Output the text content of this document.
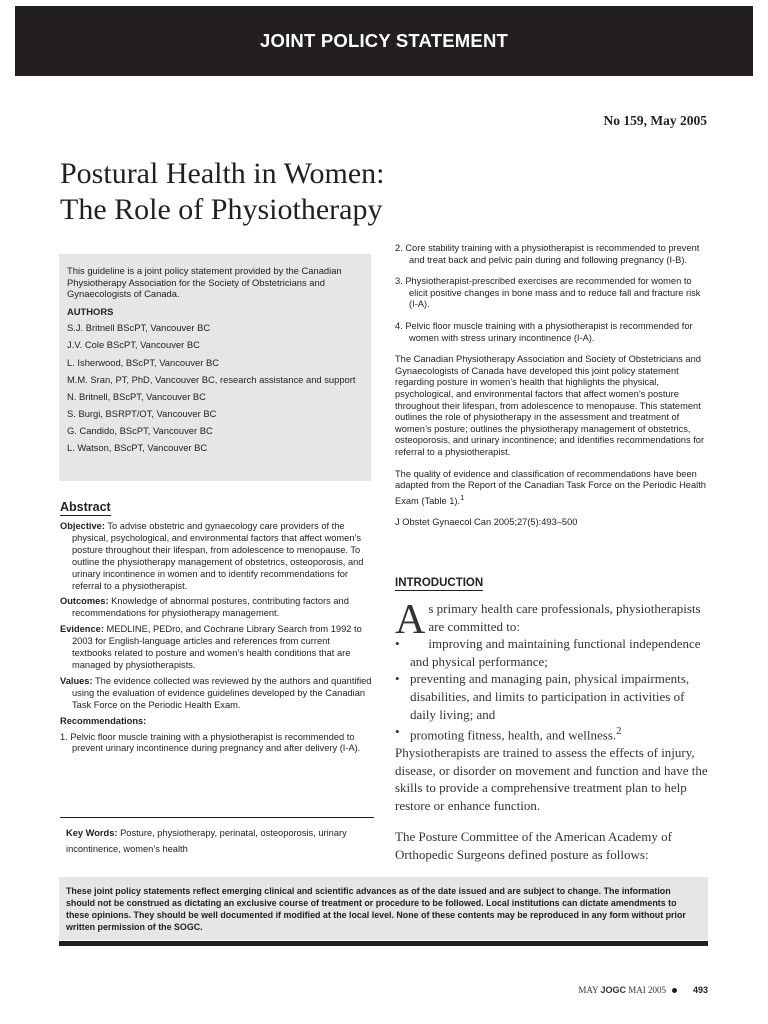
JOINT POLICY STATEMENT
No 159, May 2005
Postural Health in Women:
The Role of Physiotherapy

This guideline is a joint policy statement provided by the Canadian Physiotherapy Association for the Society of Obstetricians and Gynaecologists of Canada.

AUTHORS

S.J. Britnell BScPT, Vancouver BC

J.V. Cole BScPT, Vancouver BC

L. Isherwood, BScPT, Vancouver BC

M.M. Sran, PT, PhD, Vancouver BC, research assistance and support

N. Britnell, BScPT, Vancouver BC

S. Burgi, BSRPT/OT, Vancouver BC

G. Candido, BScPT, Vancouver BC

L. Watson, BScPT, Vancouver BC

Abstract

Objective: To advise obstetric and gynaecology care providers of the physical, psychological, and environmental factors that affect women’s posture throughout their lifespan, from adolescence to menopause. To outline the physiotherapy management of obstetrics, osteoporosis, and urinary incontinence in women and to identify recommendations for referral to a physiotherapist.

Outcomes: Knowledge of abnormal postures, contributing factors and recommendations for physiotherapy management.

Evidence: MEDLINE, PEDro, and Cochrane Library Search from 1992 to 2003 for English-language articles and references from current textbooks related to posture and women’s health conditions that are managed by physiotherapists.

Values: The evidence collected was reviewed by the authors and quantified using the evaluation of evidence guidelines developed by the Canadian Task Force on the Periodic Health Exam.

Recommendations:

1. Pelvic floor muscle training with a physiotherapist is recommended to prevent urinary incontinence during pregnancy and after delivery (I-A).

Key Words: Posture, physiotherapy, perinatal, osteoporosis, urinary incontinence, women’s health

2. Core stability training with a physiotherapist is recommended to prevent and treat back and pelvic pain during and following pregnancy (I-B).

3. Physiotherapist-prescribed exercises are recommended for women to elicit positive changes in bone mass and to reduce fall and fracture risk (I-A).

4. Pelvic floor muscle training with a physiotherapist is recommended for women with stress urinary incontinence (I-A).

The Canadian Physiotherapy Association and Society of Obstetricians and Gynaecologists of Canada have developed this joint policy statement regarding posture in women’s health that highlights the physical, psychological, and environmental factors that affect women’s posture throughout their lifespan, from adolescence to menopause. This statement outlines the role of physiotherapy in the assessment and treatment of women’s posture; outlines the physiotherapy management of obstetrics, osteoporosis, and urinary incontinence; and identifies recommendations for referral to a physiotherapist.

The quality of evidence and classification of recommendations have been adapted from the Report of the Canadian Task Force on the Periodic Health Exam (Table 1).$^1$

J Obstet Gynaecol Can 2005;27(5):493–500

INTRODUCTION

As primary health care professionals, physiotherapists are committed to:

• improving and maintaining functional independence and physical performance;
• preventing and managing pain, physical impairments, disabilities, and limits to participation in activities of daily living; and
• promoting fitness, health, and wellness.$^2$

Physiotherapists are trained to assess the effects of injury, disease, or disorder on movement and function and have the skills to provide a comprehensive treatment plan to help restore or enhance function.

The Posture Committee of the American Academy of Orthopedic Surgeons defined posture as follows:

These joint policy statements reflect emerging clinical and scientific advances as of the date issued and are subject to change. The information should not be construed as dictating an exclusive course of treatment or procedure to be followed. Local institutions can dictate amendments to these opinions. They should be well documented if modified at the local level. None of these contents may be reproduced in any form without prior written permission of the SOGC.
MAY JOGC MAI 2005	493
